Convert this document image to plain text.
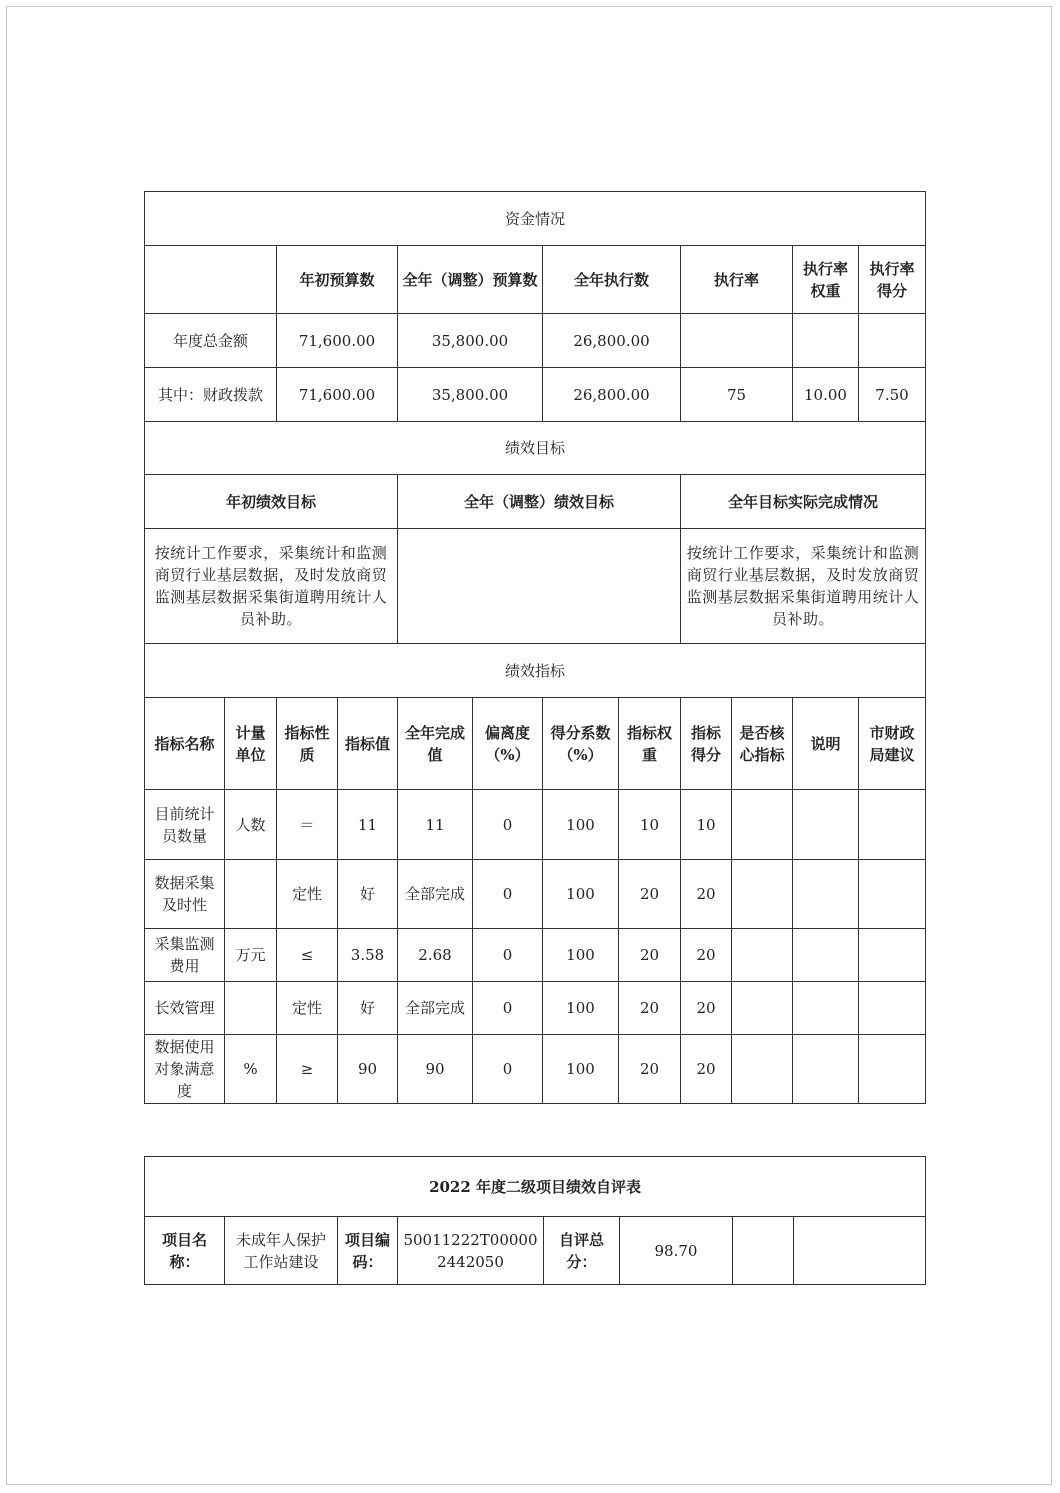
资金情况											
		年初预算数		全年（调整）预算数		全年执行数		执行率		执行率权重	执行率得分
年度总金额		71,600.00		35,800.00		26,800.00					
其中：财政拨款		71,600.00		35,800.00		26,800.00		75		10.00	7.50
绩效目标											
年初绩效目标				全年（调整）绩效目标				全年目标实际完成情况			
按统计工作要求，采集统计和监测商贸行业基层数据，及时发放商贸监测基层数据采集街道聘用统计人员补助。								按统计工作要求，采集统计和监测商贸行业基层数据，及时发放商贸监测基层数据采集街道聘用统计人员补助。			
绩效指标											
指标名称	计量单位	指标性质	指标值	全年完成值	偏离度（%）	得分系数（%）	指标权重	指标得分	是否核心指标	说明	市财政局建议
目前统计员数量	人数	＝	11	11	0	100	10	10			
数据采集及时性		定性	好	全部完成	0	100	20	20			
采集监测费用	万元	≤	3.58	2.68	0	100	20	20			
长效管理		定性	好	全部完成	0	100	20	20			
数据使用对象满意度	%	≥	90	90	0	100	20	20			
2022 年度二级项目绩效自评表
项目名称：	未成年人保护工作站建设	项目编码：	50011222T000002442050	自评总分：	98.70		
